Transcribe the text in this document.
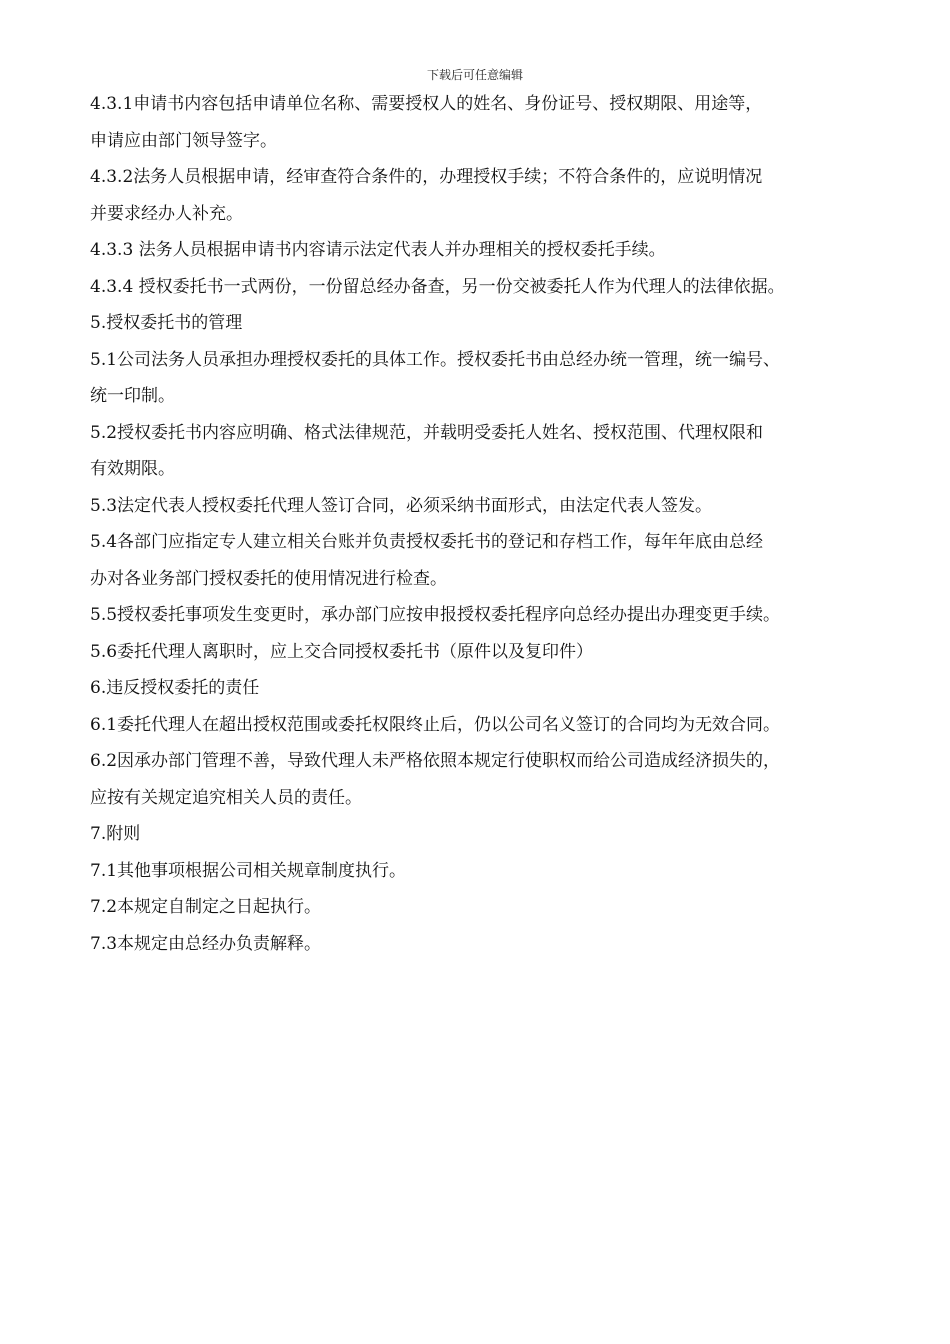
下载后可任意编辑
4.3.1申请书内容包括申请单位名称、需要授权人的姓名、身份证号、授权期限、用途等，
申请应由部门领导签字。
4.3.2法务人员根据申请，经审查符合条件的，办理授权手续；不符合条件的，应说明情况
并要求经办人补充。
4.3.3 法务人员根据申请书内容请示法定代表人并办理相关的授权委托手续。
4.3.4 授权委托书一式两份，一份留总经办备查，另一份交被委托人作为代理人的法律依据。
5.授权委托书的管理
5.1公司法务人员承担办理授权委托的具体工作。授权委托书由总经办统一管理，统一编号、
统一印制。
5.2授权委托书内容应明确、格式法律规范，并载明受委托人姓名、授权范围、代理权限和
有效期限。
5.3法定代表人授权委托代理人签订合同，必须采纳书面形式，由法定代表人签发。
5.4各部门应指定专人建立相关台账并负责授权委托书的登记和存档工作，每年年底由总经
办对各业务部门授权委托的使用情况进行检查。
5.5授权委托事项发生变更时，承办部门应按申报授权委托程序向总经办提出办理变更手续。
5.6委托代理人离职时，应上交合同授权委托书（原件以及复印件）
6.违反授权委托的责任
6.1委托代理人在超出授权范围或委托权限终止后，仍以公司名义签订的合同均为无效合同。
6.2因承办部门管理不善，导致代理人未严格依照本规定行使职权而给公司造成经济损失的，
应按有关规定追究相关人员的责任。
7.附则
7.1其他事项根据公司相关规章制度执行。
7.2本规定自制定之日起执行。
7.3本规定由总经办负责解释。
